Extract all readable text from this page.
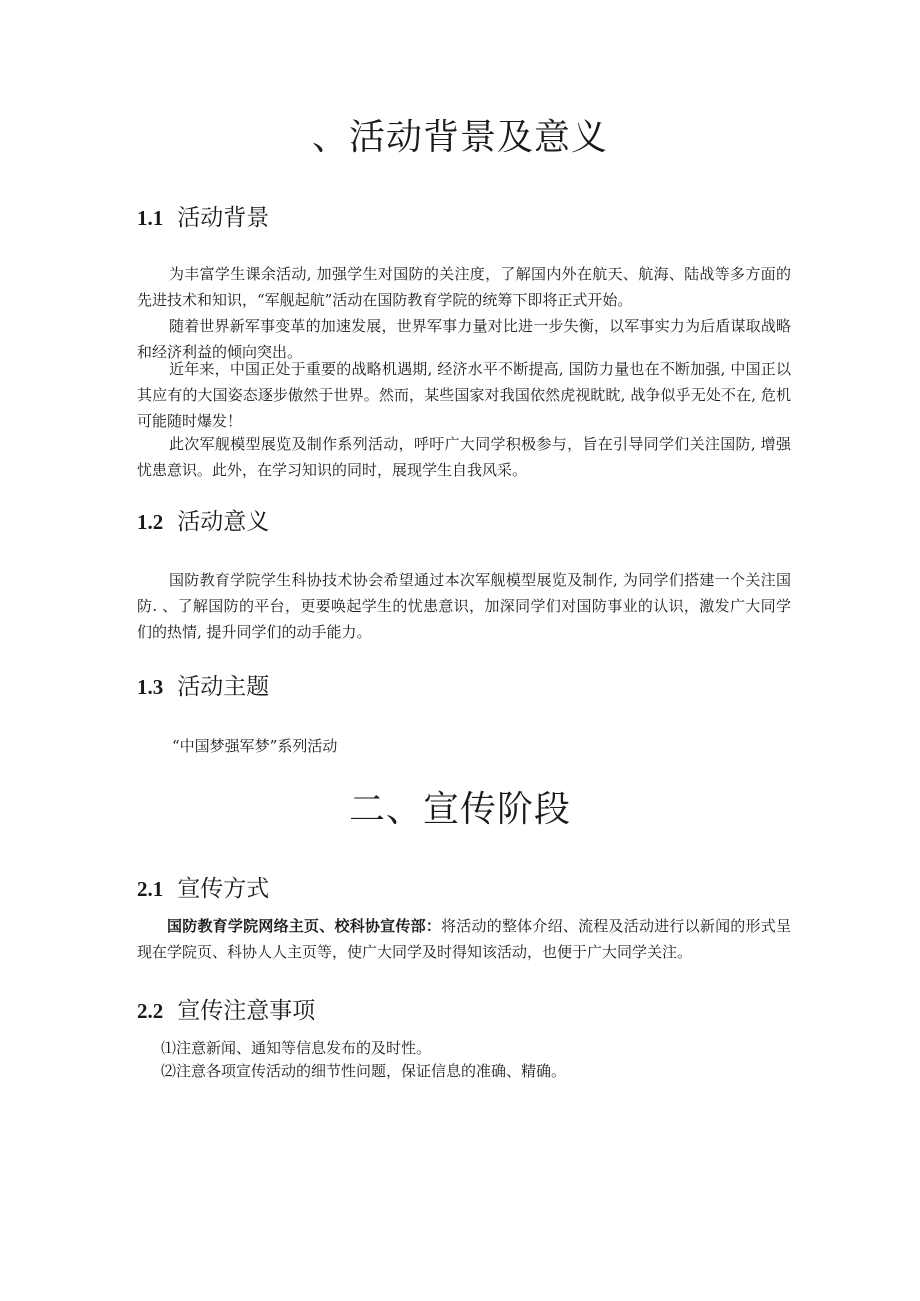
、活动背景及意义
1.1 活动背景

为丰富学生课余活动, 加强学生对国防的关注度，了解国内外在航天、航海、陆战等多方面的先进技术和知识，“军舰起航”活动在国防教育学院的统筹下即将正式开始。

随着世界新军事变革的加速发展，世界军事力量对比进一步失衡，以军事实力为后盾谋取战略和经济利益的倾向突出。

近年来，中国正处于重要的战略机遇期, 经济水平不断提高, 国防力量也在不断加强, 中国正以其应有的大国姿态逐步傲然于世界。然而，某些国家对我国依然虎视眈眈, 战争似乎无处不在, 危机可能随时爆发！

此次军舰模型展览及制作系列活动，呼吁广大同学积极参与，旨在引导同学们关注国防, 增强忧患意识。此外，在学习知识的同时，展现学生自我风采。

1.2 活动意义

国防教育学院学生科协技术协会希望通过本次军舰模型展览及制作, 为同学们搭建一个关注国防. 、了解国防的平台，更要唤起学生的忧患意识，加深同学们对国防事业的认识，激发广大同学们的热情, 提升同学们的动手能力。

1.3 活动主题

“中国梦强军梦”系列活动

二、宣传阶段
2.1 宣传方式

国防教育学院网络主页、校科协宣传部：将活动的整体介绍、流程及活动进行以新闻的形式呈现在学院页、科协人人主页等，使广大同学及时得知该活动，也便于广大同学关注。

2.2 宣传注意事项

⑴注意新闻、通知等信息发布的及时性。

⑵注意各项宣传活动的细节性问题，保证信息的准确、精确。
